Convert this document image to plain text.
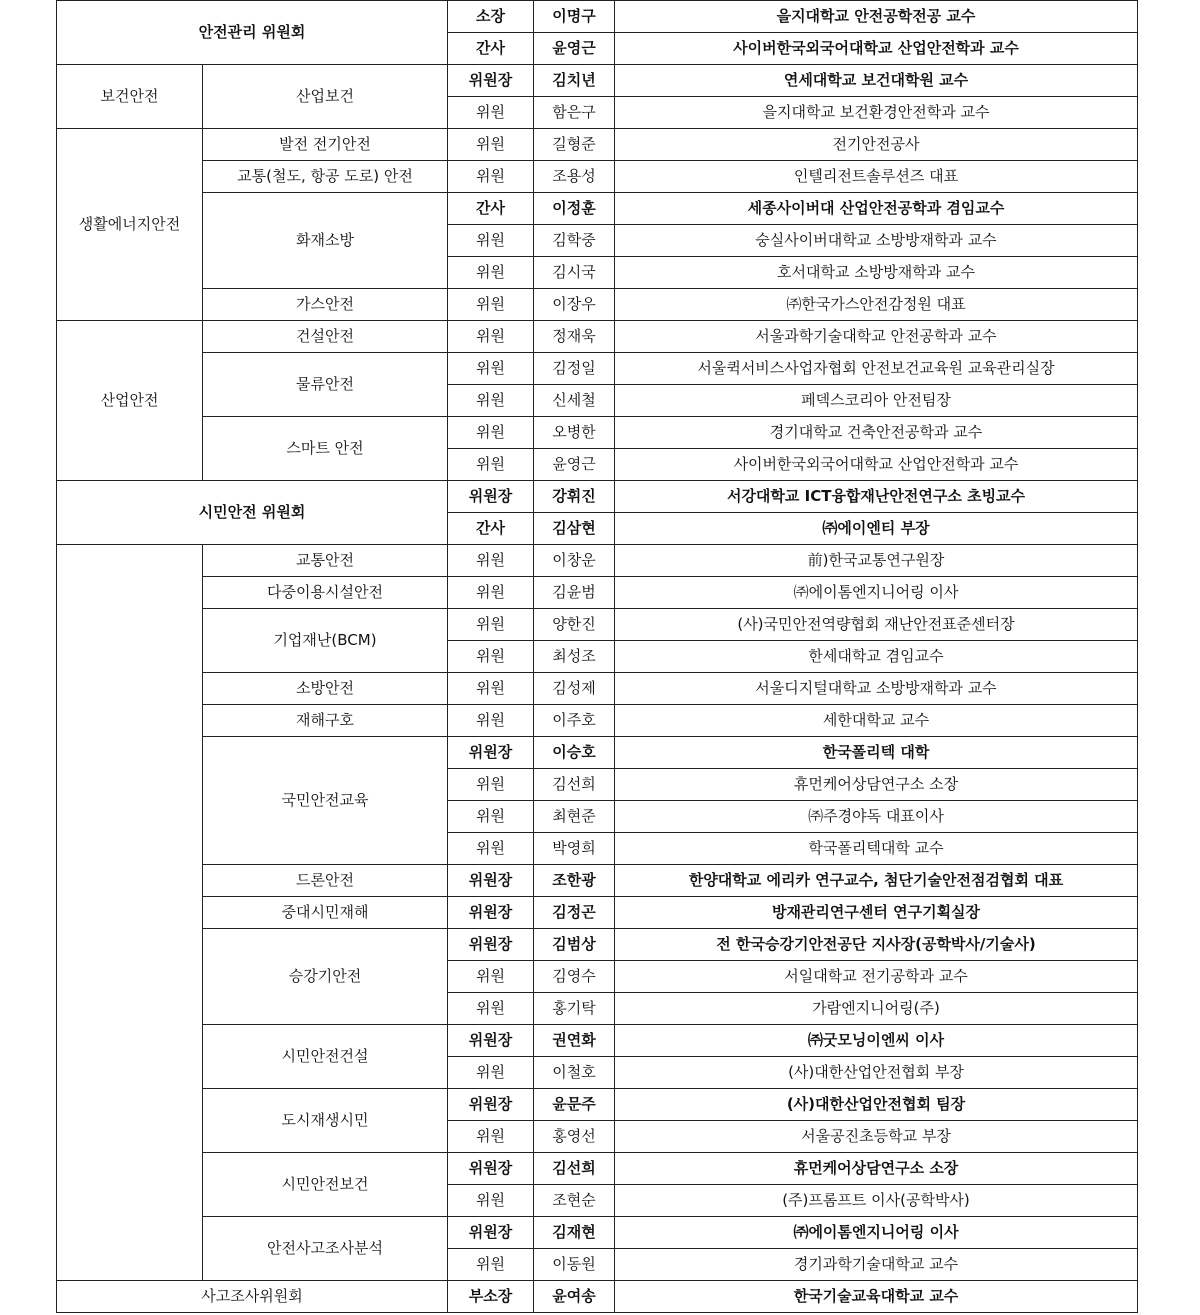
안전관리 위원회		소장	이명구	을지대학교 안전공학전공 교수
		간사	윤영근	사이버한국외국어대학교 산업안전학과 교수
보건안전	산업보건	위원장	김치년	연세대학교 보건대학원 교수
		위원	함은구	을지대학교 보건환경안전학과 교수
생활에너지안전	발전 전기안전	위원	길형준	전기안전공사
	교통(철도, 항공 도로) 안전	위원	조용성	인텔리전트솔루션즈 대표
	화재소방	간사	이정훈	세종사이버대 산업안전공학과 겸임교수
		위원	김학중	숭실사이버대학교 소방방재학과 교수
		위원	김시국	호서대학교 소방방재학과 교수
	가스안전	위원	이장우	㈜한국가스안전감정원 대표
산업안전	건설안전	위원	정재욱	서울과학기술대학교 안전공학과 교수
	물류안전	위원	김정일	서울퀵서비스사업자협회 안전보건교육원 교육관리실장
		위원	신세철	페덱스코리아 안전팀장
	스마트 안전	위원	오병한	경기대학교 건축안전공학과 교수
		위원	윤영근	사이버한국외국어대학교 산업안전학과 교수
시민안전 위원회		위원장	강휘진	서강대학교 ICT융합재난안전연구소 초빙교수
		간사	김삼현	㈜에이엔티 부장
	교통안전	위원	이창운	前)한국교통연구원장
	다중이용시설안전	위원	김윤범	㈜에이톰엔지니어링 이사
	기업재난(BCM)	위원	양한진	(사)국민안전역량협회 재난안전표준센터장
		위원	최성조	한세대학교 겸임교수
	소방안전	위원	김성제	서울디지털대학교 소방방재학과 교수
	재해구호	위원	이주호	세한대학교 교수
	국민안전교육	위원장	이승호	한국폴리텍 대학
		위원	김선희	휴먼케어상담연구소 소장
		위원	최현준	㈜주경야독 대표이사
		위원	박영희	학국폴리텍대학 교수
	드론안전	위원장	조한광	한양대학교 에리카 연구교수, 첨단기술안전점검협회 대표
	중대시민재해	위원장	김정곤	방재관리연구센터 연구기획실장
	승강기안전	위원장	김범상	전 한국승강기안전공단 지사장(공학박사/기술사)
		위원	김영수	서일대학교 전기공학과 교수
		위원	홍기탁	가람엔지니어링(주)
	시민안전건설	위원장	권연화	㈜굿모닝이엔씨 이사
		위원	이철호	(사)대한산업안전협회 부장
	도시재생시민	위원장	윤문주	(사)대한산업안전협회 팀장
		위원	홍영선	서울공진초등학교 부장
	시민안전보건	위원장	김선희	휴먼케어상담연구소 소장
		위원	조현순	(주)프롬프트 이사(공학박사)
	안전사고조사분석	위원장	김재현	㈜에이톰엔지니어링 이사
		위원	이동원	경기과학기술대학교 교수
사고조사위원회		부소장	윤여송	한국기술교육대학교 교수
